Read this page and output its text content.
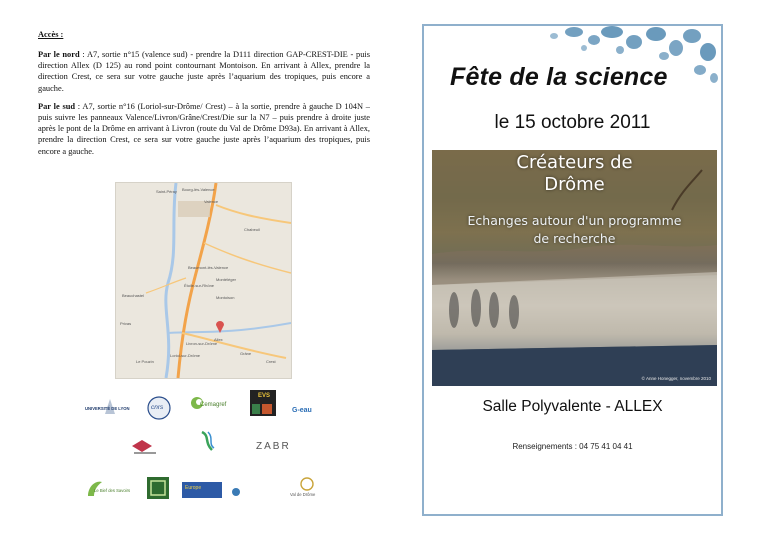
Accès :

Par le nord : A7, sortie n°15 (valence sud) - prendre la D111 direction GAP-CREST-DIE - puis direction Allex (D 125) au rond point contournant Montoison. En arrivant à Allex, prendre la direction Crest, ce sera sur votre gauche juste après l’aquarium des tropiques, puis encore a gauche.

Par le sud : A7, sortie n°16 (Loriol-sur-Drôme/ Crest) – à la sortie, prendre à gauche D 104N – puis suivre les panneaux Valence/Livron/Grâne/Crest/Die sur la N7 – puis prendre à droite juste après le pont de la Drôme en arrivant à Livron (route du Val de Drôme D93a). En arrivant à Allex, prendre la direction Crest, ce sera sur votre gauche juste après l’aquarium des tropiques, puis encore a gauche.

Valence
Saint-Péray Bourg-lès-Valence
Beaumont-lès-Valence
Montéléger
Étoile-sur-Rhône
Chabeuil
Montoison
Beauchastel
Livron-sur-Drôme
Loriol-sur-Drôme
Allex
Grâne
Crest
Le Pouzin
Privas
UNIVERSITÉ DE LYON	cnrs	Cemagref
EVS
G-eau
ZABR
Le Bief des Savoirs	Europe
Val de Drôme
Fête de la science
le 15 octobre 2011
Créateurs de
Drôme
Echanges autour d'un programme
de recherche
© Anne Honegger, novembre 2010
Salle Polyvalente - ALLEX
Renseignements : 04 75 41 04 41
